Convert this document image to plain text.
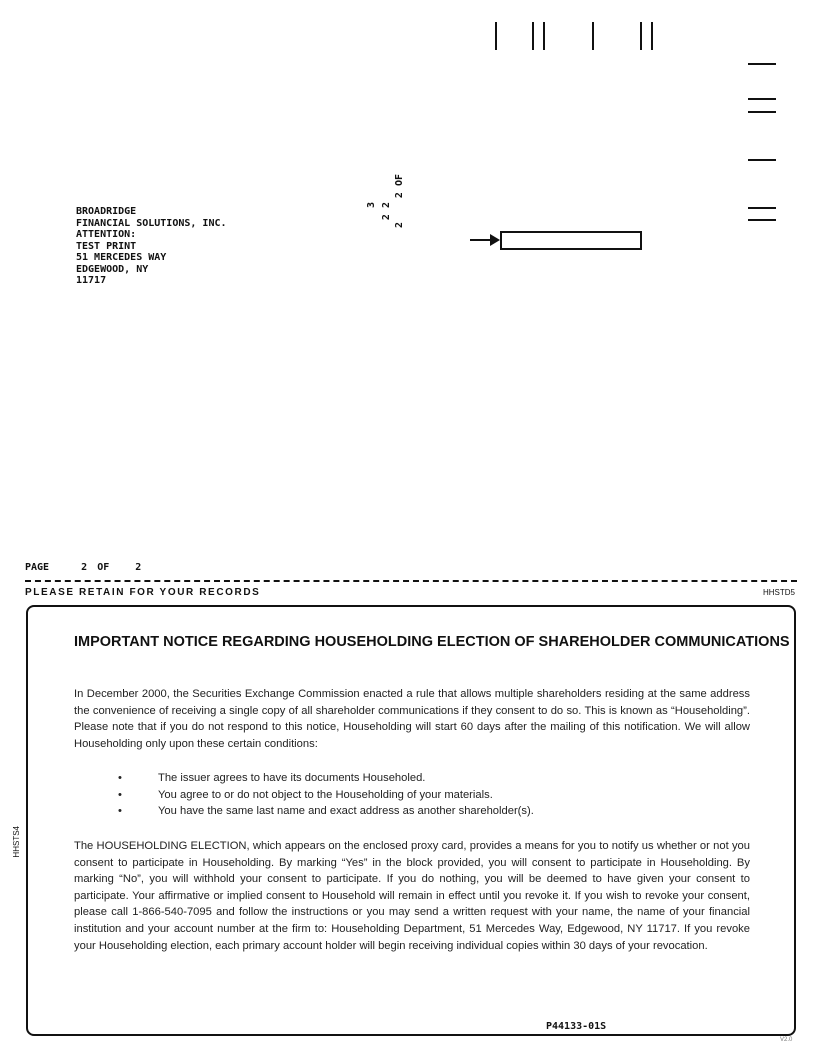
BROADRIDGE
FINANCIAL SOLUTIONS, INC.
ATTENTION:
TEST PRINT
51 MERCEDES WAY
EDGEWOOD, NY
11717
2 OF
2 2
3
2
PAGE	2 OF	2
PLEASE RETAIN FOR YOUR RECORDS	HHSTD5
IMPORTANT NOTICE REGARDING HOUSEHOLDING ELECTION OF SHAREHOLDER COMMUNICATIONS
In December 2000, the Securities Exchange Commission enacted a rule that allows multiple shareholders residing at the same address the convenience of receiving a single copy of all shareholder communications if they consent to do so. This is known as “Householding”. Please note that if you do not respond to this notice, Householding will start 60 days after the mailing of this notification. We will allow Householding only upon these certain conditions:
•	The issuer agrees to have its documents Householed.
•	You agree to or do not object to the Householding of your materials.
•	You have the same last name and exact address as another shareholder(s).
The HOUSEHOLDING ELECTION, which appears on the enclosed proxy card, provides a means for you to notify us whether or not you consent to participate in Householding. By marking “Yes” in the block provided, you will consent to participate in Householding. By marking “No”, you will withhold your consent to participate. If you do nothing, you will be deemed to have given your consent to participate. Your affirmative or implied consent to Household will remain in effect until you revoke it. If you wish to revoke your consent, please call 1-866-540-7095 and follow the instructions or you may send a written request with your name, the name of your financial institution and your account number at the firm to: Householding Department, 51 Mercedes Way, Edgewood, NY 11717. If you revoke your Householding election, each primary account holder will begin receiving individual copies within 30 days of your revocation.
HHSTS4
P44133-01S
V2.0
